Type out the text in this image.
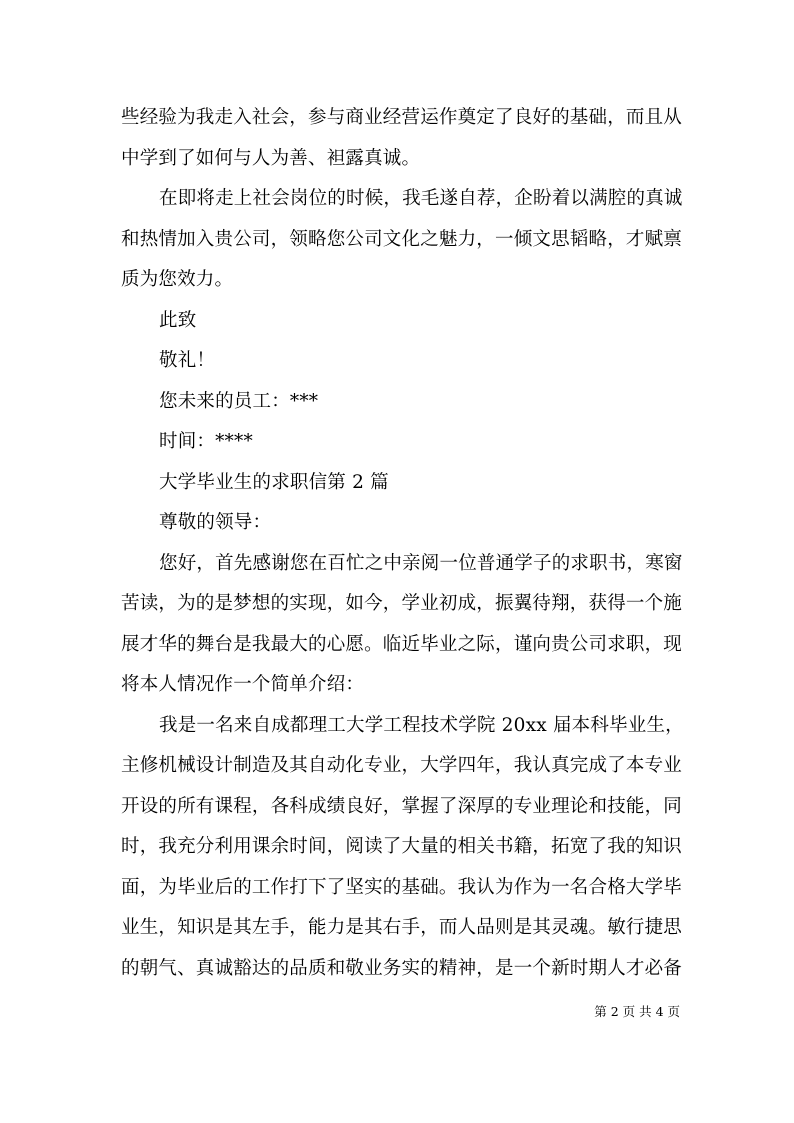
些经验为我走入社会，参与商业经营运作奠定了良好的基础，而且从
中学到了如何与人为善、袒露真诚。
在即将走上社会岗位的时候，我毛遂自荐，企盼着以满腔的真诚
和热情加入贵公司，领略您公司文化之魅力，一倾文思韬略，才赋禀
质为您效力。
此致
敬礼！
您未来的员工：***
时间：****
大学毕业生的求职信第 2 篇
尊敬的领导：
您好，首先感谢您在百忙之中亲阅一位普通学子的求职书，寒窗
苦读，为的是梦想的实现，如今，学业初成，振翼待翔，获得一个施
展才华的舞台是我最大的心愿。临近毕业之际，谨向贵公司求职，现
将本人情况作一个简单介绍：
我是一名来自成都理工大学工程技术学院 20xx 届本科毕业生，
主修机械设计制造及其自动化专业，大学四年，我认真完成了本专业
开设的所有课程，各科成绩良好，掌握了深厚的专业理论和技能，同
时，我充分利用课余时间，阅读了大量的相关书籍，拓宽了我的知识
面，为毕业后的工作打下了坚实的基础。我认为作为一名合格大学毕
业生，知识是其左手，能力是其右手，而人品则是其灵魂。敏行捷思
的朝气、真诚豁达的品质和敬业务实的精神，是一个新时期人才必备
第 2 页 共 4 页
